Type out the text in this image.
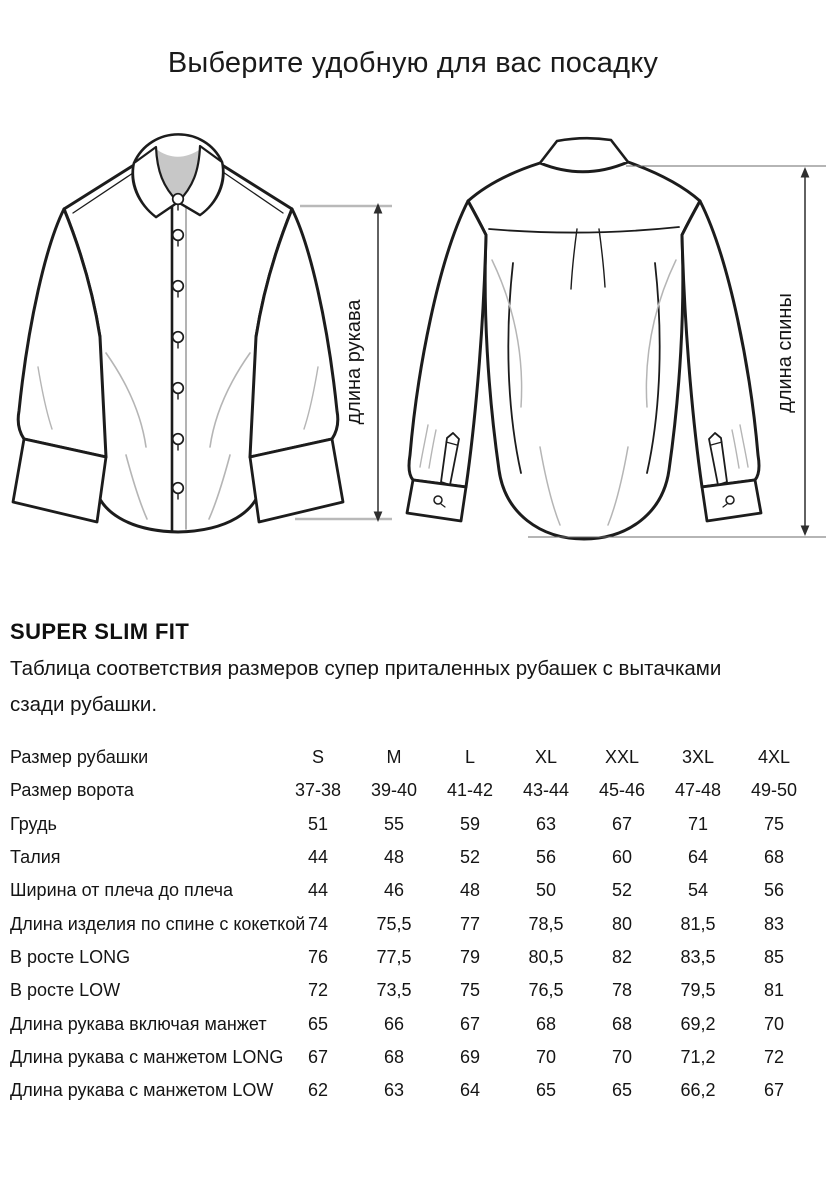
Выберите удобную для вас посадку
длина рукава	длина спины
SUPER SLIM FIT
Таблица соответствия размеров супер приталенных рубашек с вытачками
сзади рубашки.
Размер рубашки	S	M	L	XL	XXL	3XL	4XL
Размер ворота	37-38	39-40	41-42	43-44	45-46	47-48	49-50
Грудь	51	55	59	63	67	71	75
Талия	44	48	52	56	60	64	68
Ширина от плеча до плеча	44	46	48	50	52	54	56
Длина изделия по спине с кокеткой 74	75,5	77	78,5	80	81,5	83
В росте LONG	76	77,5	79	80,5	82	83,5	85
В росте LOW	72	73,5	75	76,5	78	79,5	81
Длина рукава включая манжет	65	66	67	68	68	69,2	70
Длина рукава с манжетом LONG	67	68	69	70	70	71,2	72
Длина рукава с манжетом LOW	62	63	64	65	65	66,2	67
